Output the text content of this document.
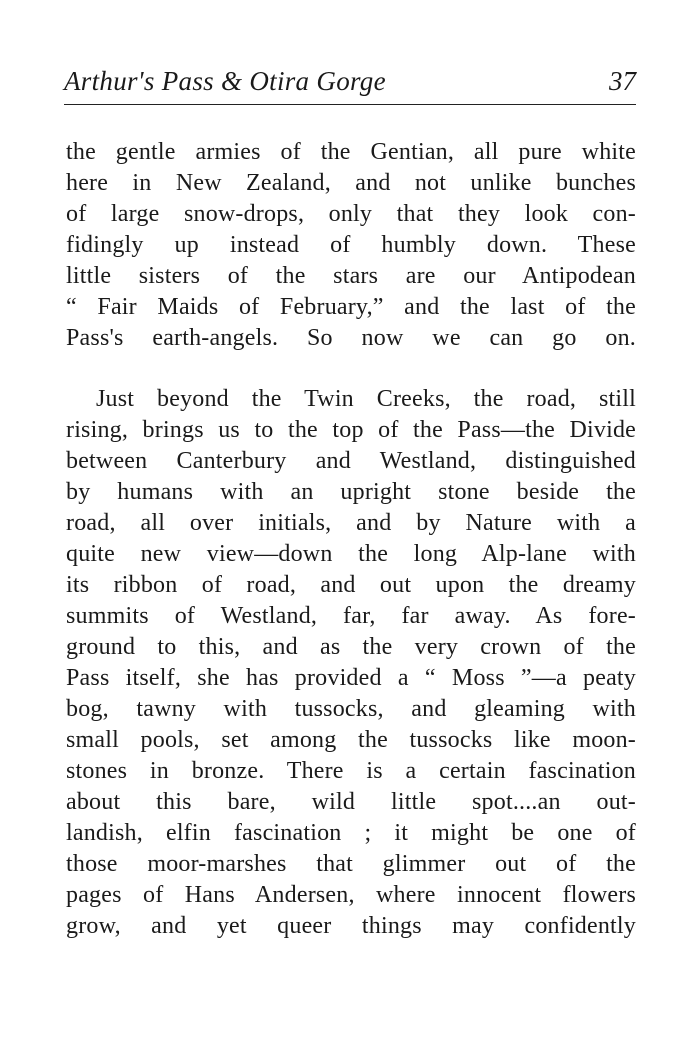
Arthur's Pass & Otira Gorge	37
the gentle armies of the Gentian, all pure white
here in New Zealand, and not unlike bunches
of large snow-drops, only that they look con-
fidingly up instead of humbly down. These
little sisters of the stars are our Antipodean
“ Fair Maids of February,” and the last of the
Pass's earth-angels. So now we can go on.
Just beyond the Twin Creeks, the road, still
rising, brings us to the top of the Pass—the Divide
between Canterbury and Westland, distinguished
by humans with an upright stone beside the
road, all over initials, and by Nature with a
quite new view—down the long Alp-lane with
its ribbon of road, and out upon the dreamy
summits of Westland, far, far away. As fore-
ground to this, and as the very crown of the
Pass itself, she has provided a “ Moss ”—a peaty
bog, tawny with tussocks, and gleaming with
small pools, set among the tussocks like moon-
stones in bronze. There is a certain fascination
about this bare, wild little spot....an out-
landish, elfin fascination ; it might be one of
those moor-marshes that glimmer out of the
pages of Hans Andersen, where innocent flowers
grow, and yet queer things may confidently
